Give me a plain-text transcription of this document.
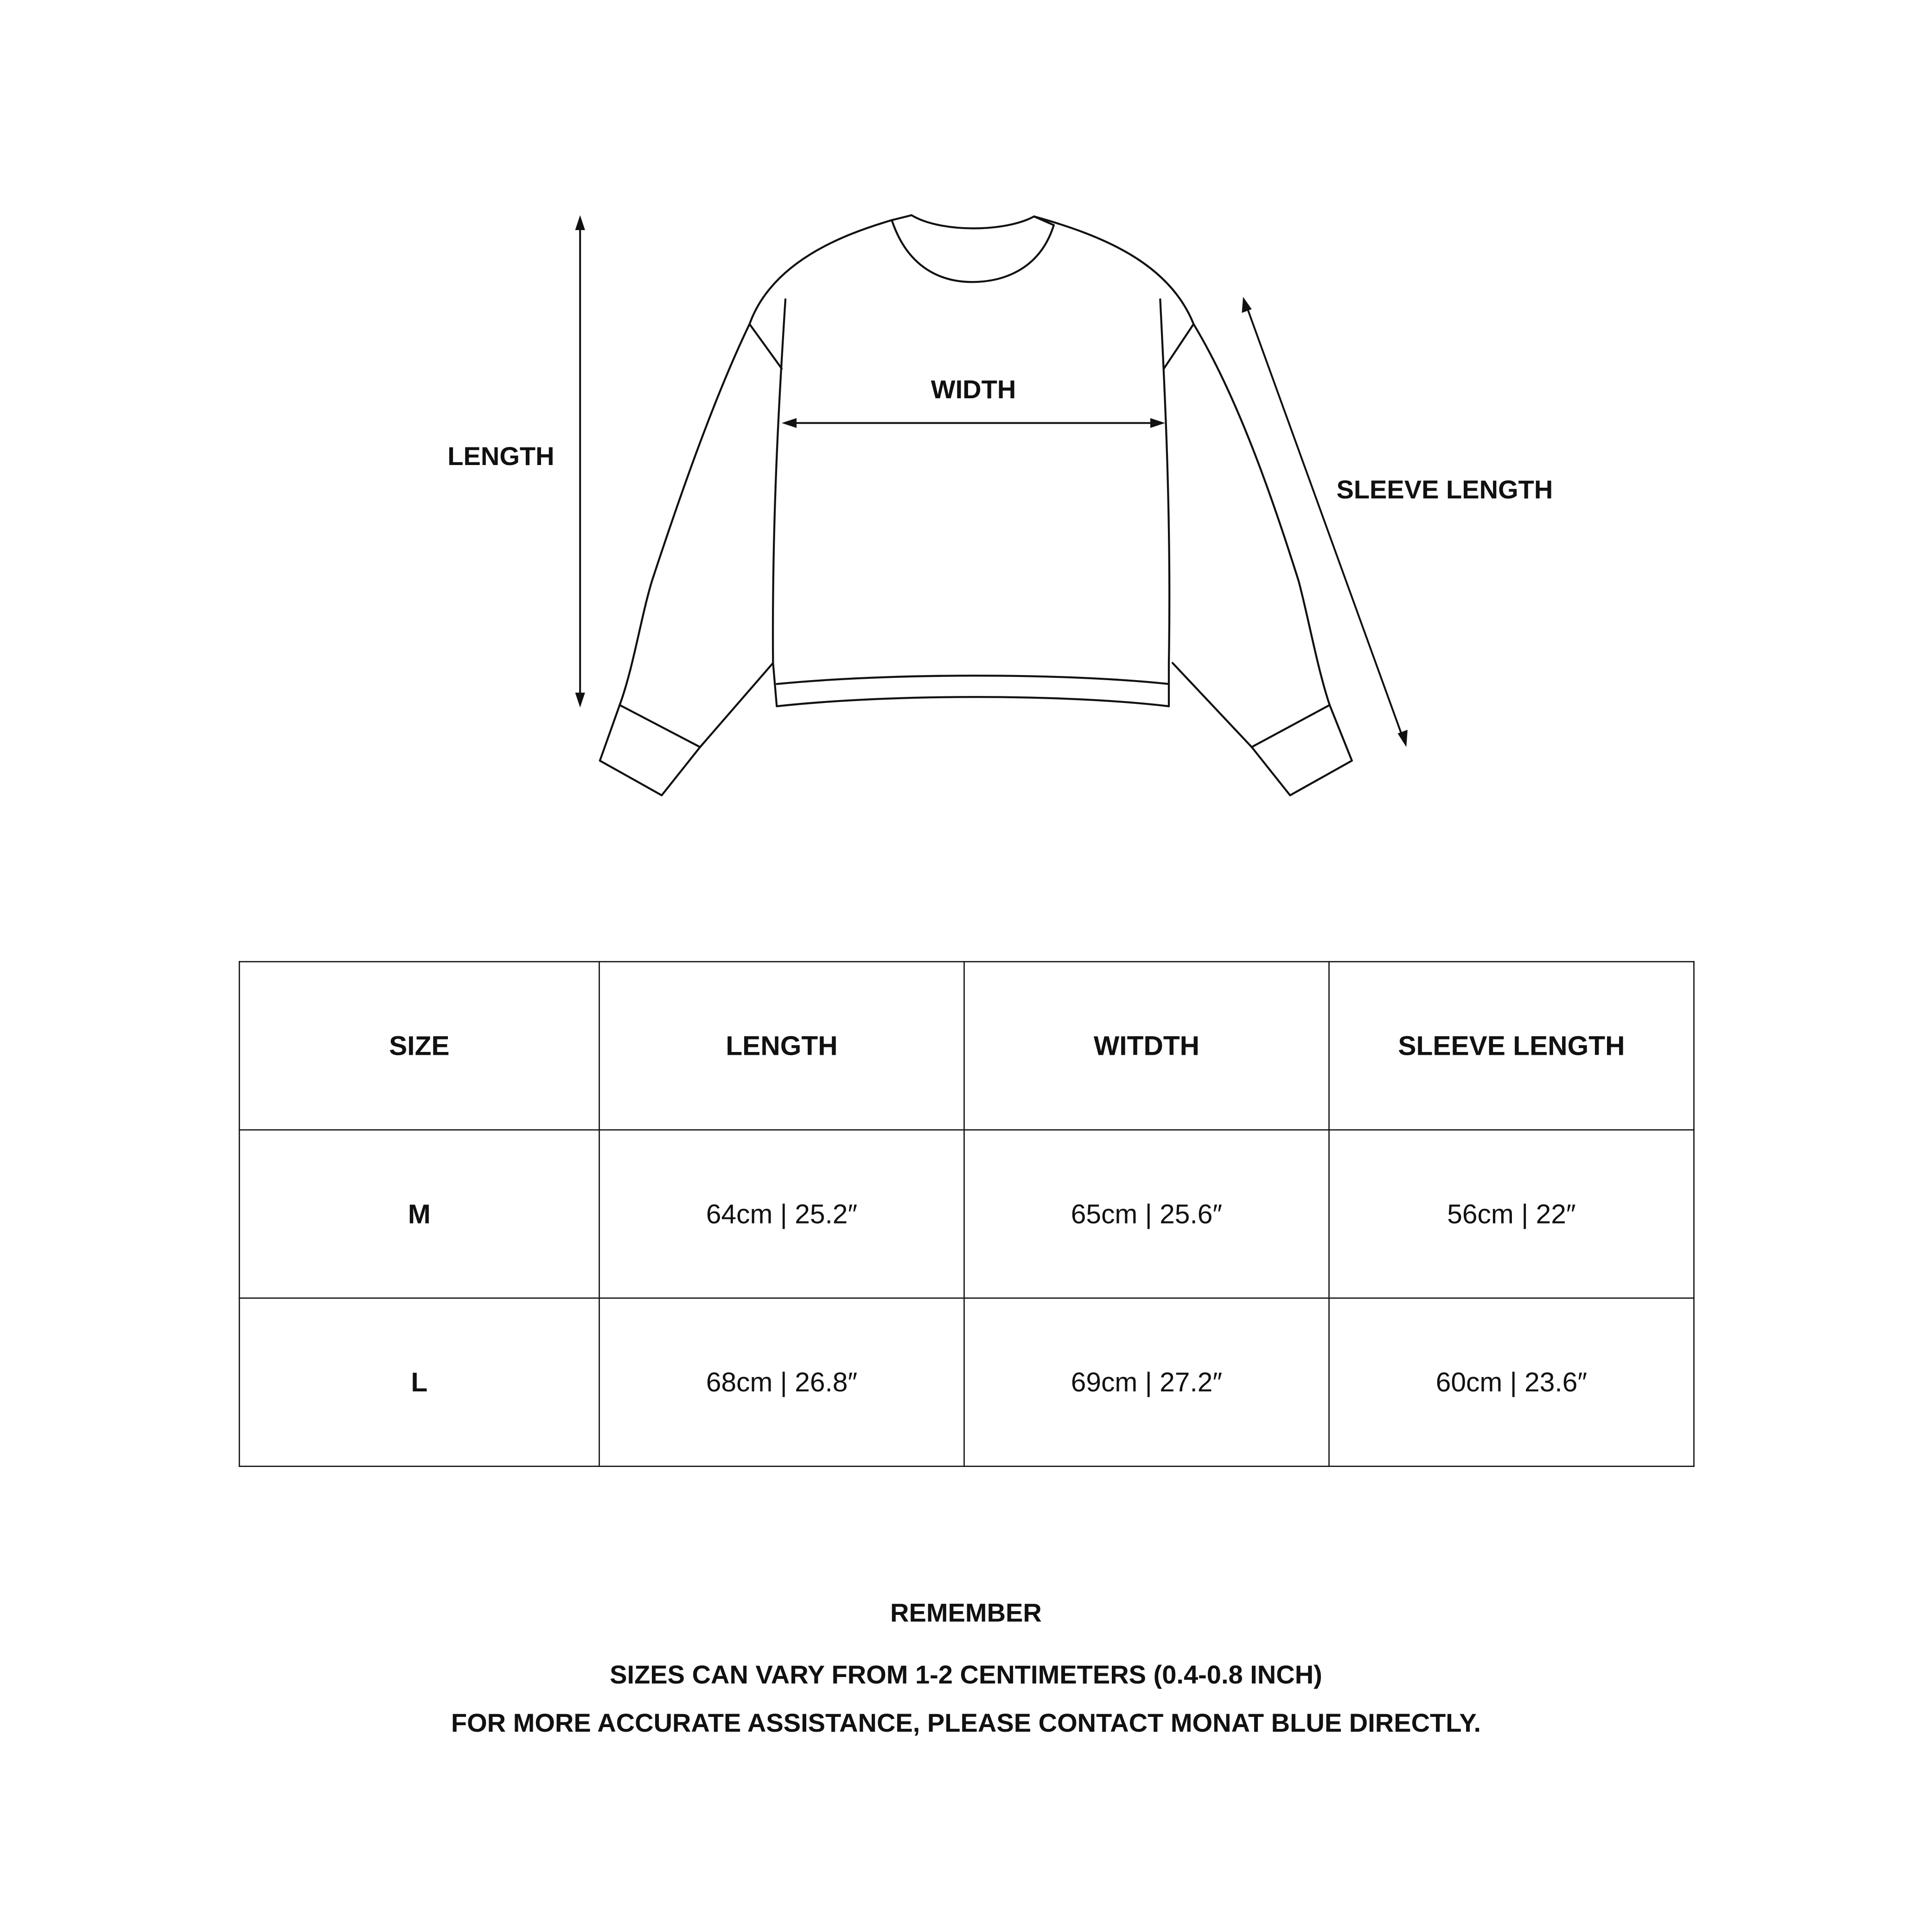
LENGTH
WIDTH
SLEEVE LENGTH
SIZE	LENGTH	WITDTH	SLEEVE LENGTH
M	64cm | 25.2″	65cm | 25.6″	56cm | 22″
L	68cm | 26.8″	69cm | 27.2″	60cm | 23.6″
REMEMBER
SIZES CAN VARY FROM 1-2 CENTIMETERS (0.4-0.8 INCH)
FOR MORE ACCURATE ASSISTANCE, PLEASE CONTACT MONAT BLUE DIRECTLY.
